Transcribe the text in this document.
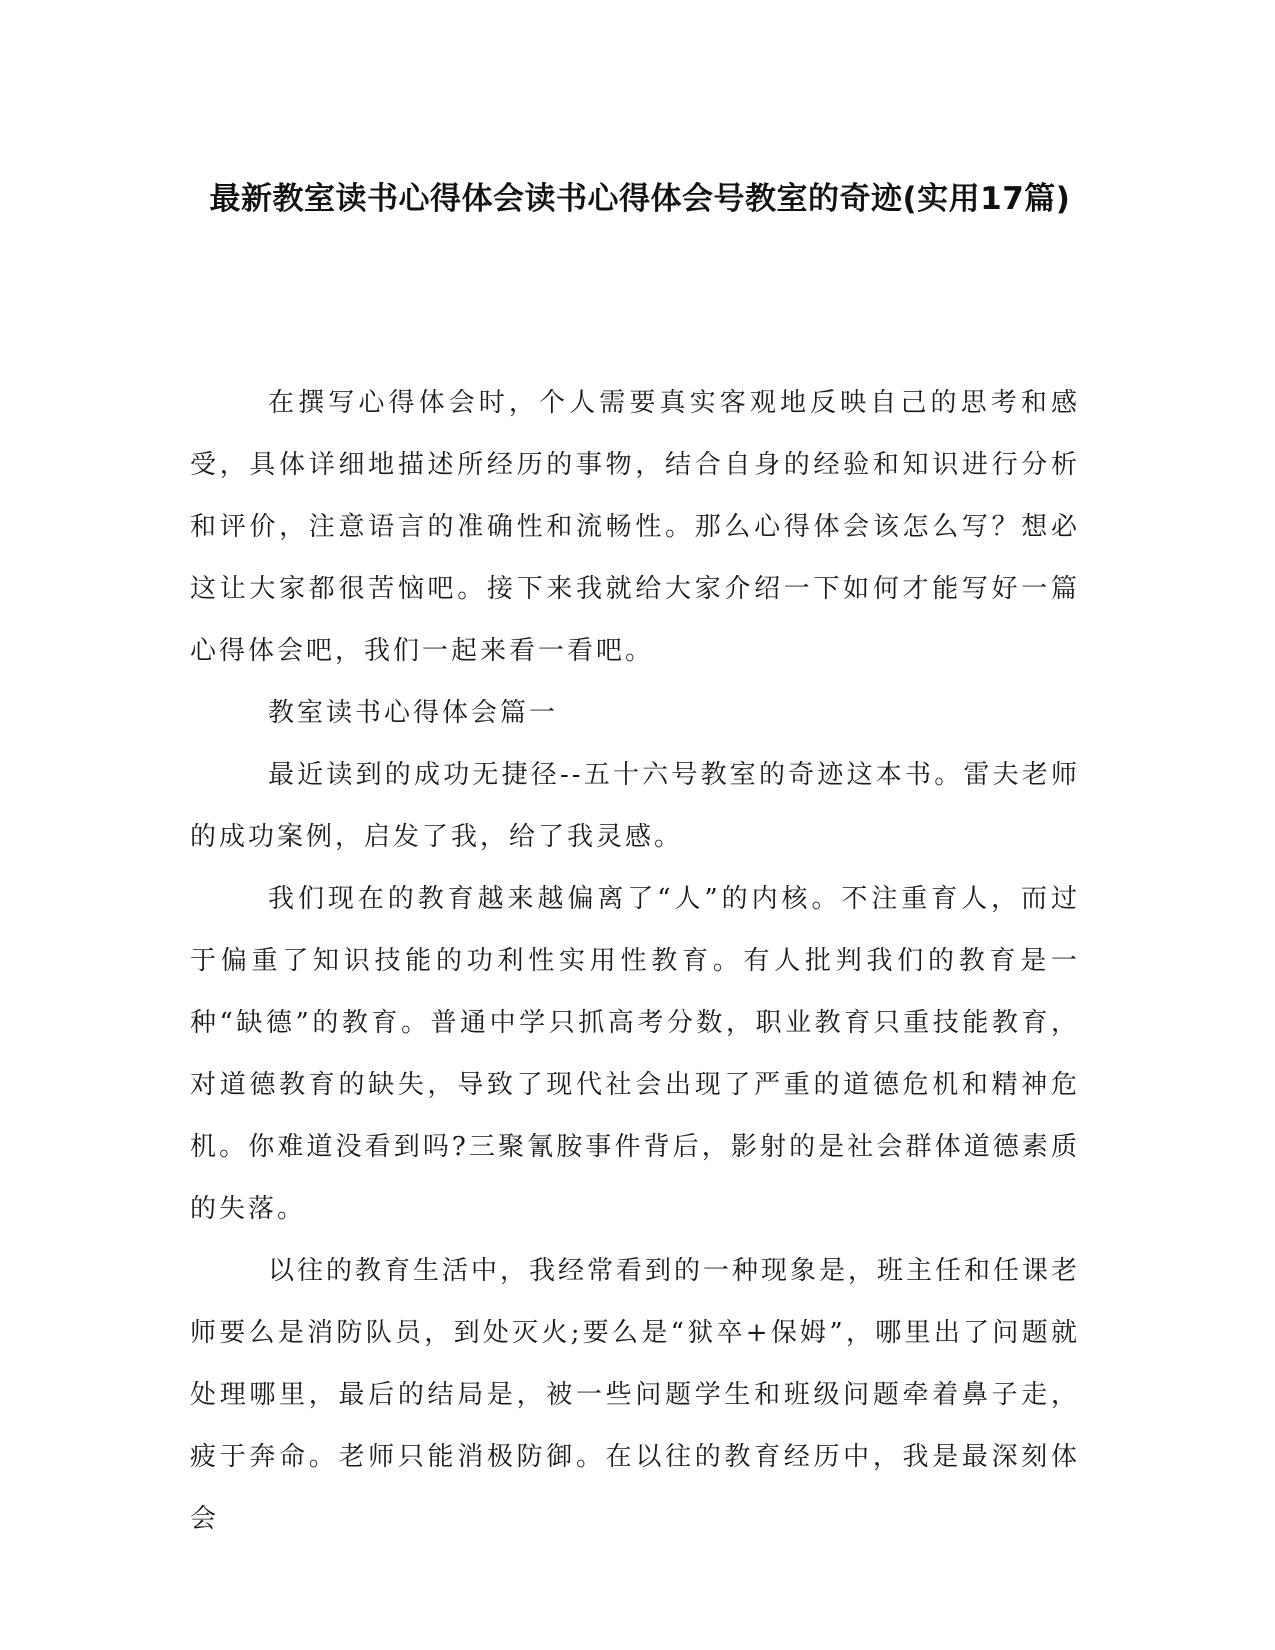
最新教室读书心得体会读书心得体会号教室的奇迹(实用17篇)

在撰写心得体会时，个人需要真实客观地反映自己的思考和感受，具体详细地描述所经历的事物，结合自身的经验和知识进行分析和评价，注意语言的准确性和流畅性。那么心得体会该怎么写？想必这让大家都很苦恼吧。接下来我就给大家介绍一下如何才能写好一篇心得体会吧，我们一起来看一看吧。

教室读书心得体会篇一

最近读到的成功无捷径--五十六号教室的奇迹这本书。雷夫老师的成功案例，启发了我，给了我灵感。

我们现在的教育越来越偏离了“人”的内核。不注重育人，而过于偏重了知识技能的功利性实用性教育。有人批判我们的教育是一种“缺德”的教育。普通中学只抓高考分数，职业教育只重技能教育，对道德教育的缺失，导致了现代社会出现了严重的道德危机和精神危机。你难道没看到吗?三聚氰胺事件背后，影射的是社会群体道德素质的失落。

以往的教育生活中，我经常看到的一种现象是，班主任和任课老师要么是消防队员，到处灭火;要么是“狱卒+保姆”，哪里出了问题就处理哪里，最后的结局是，被一些问题学生和班级问题牵着鼻子走，疲于奔命。老师只能消极防御。在以往的教育经历中，我是最深刻体会
